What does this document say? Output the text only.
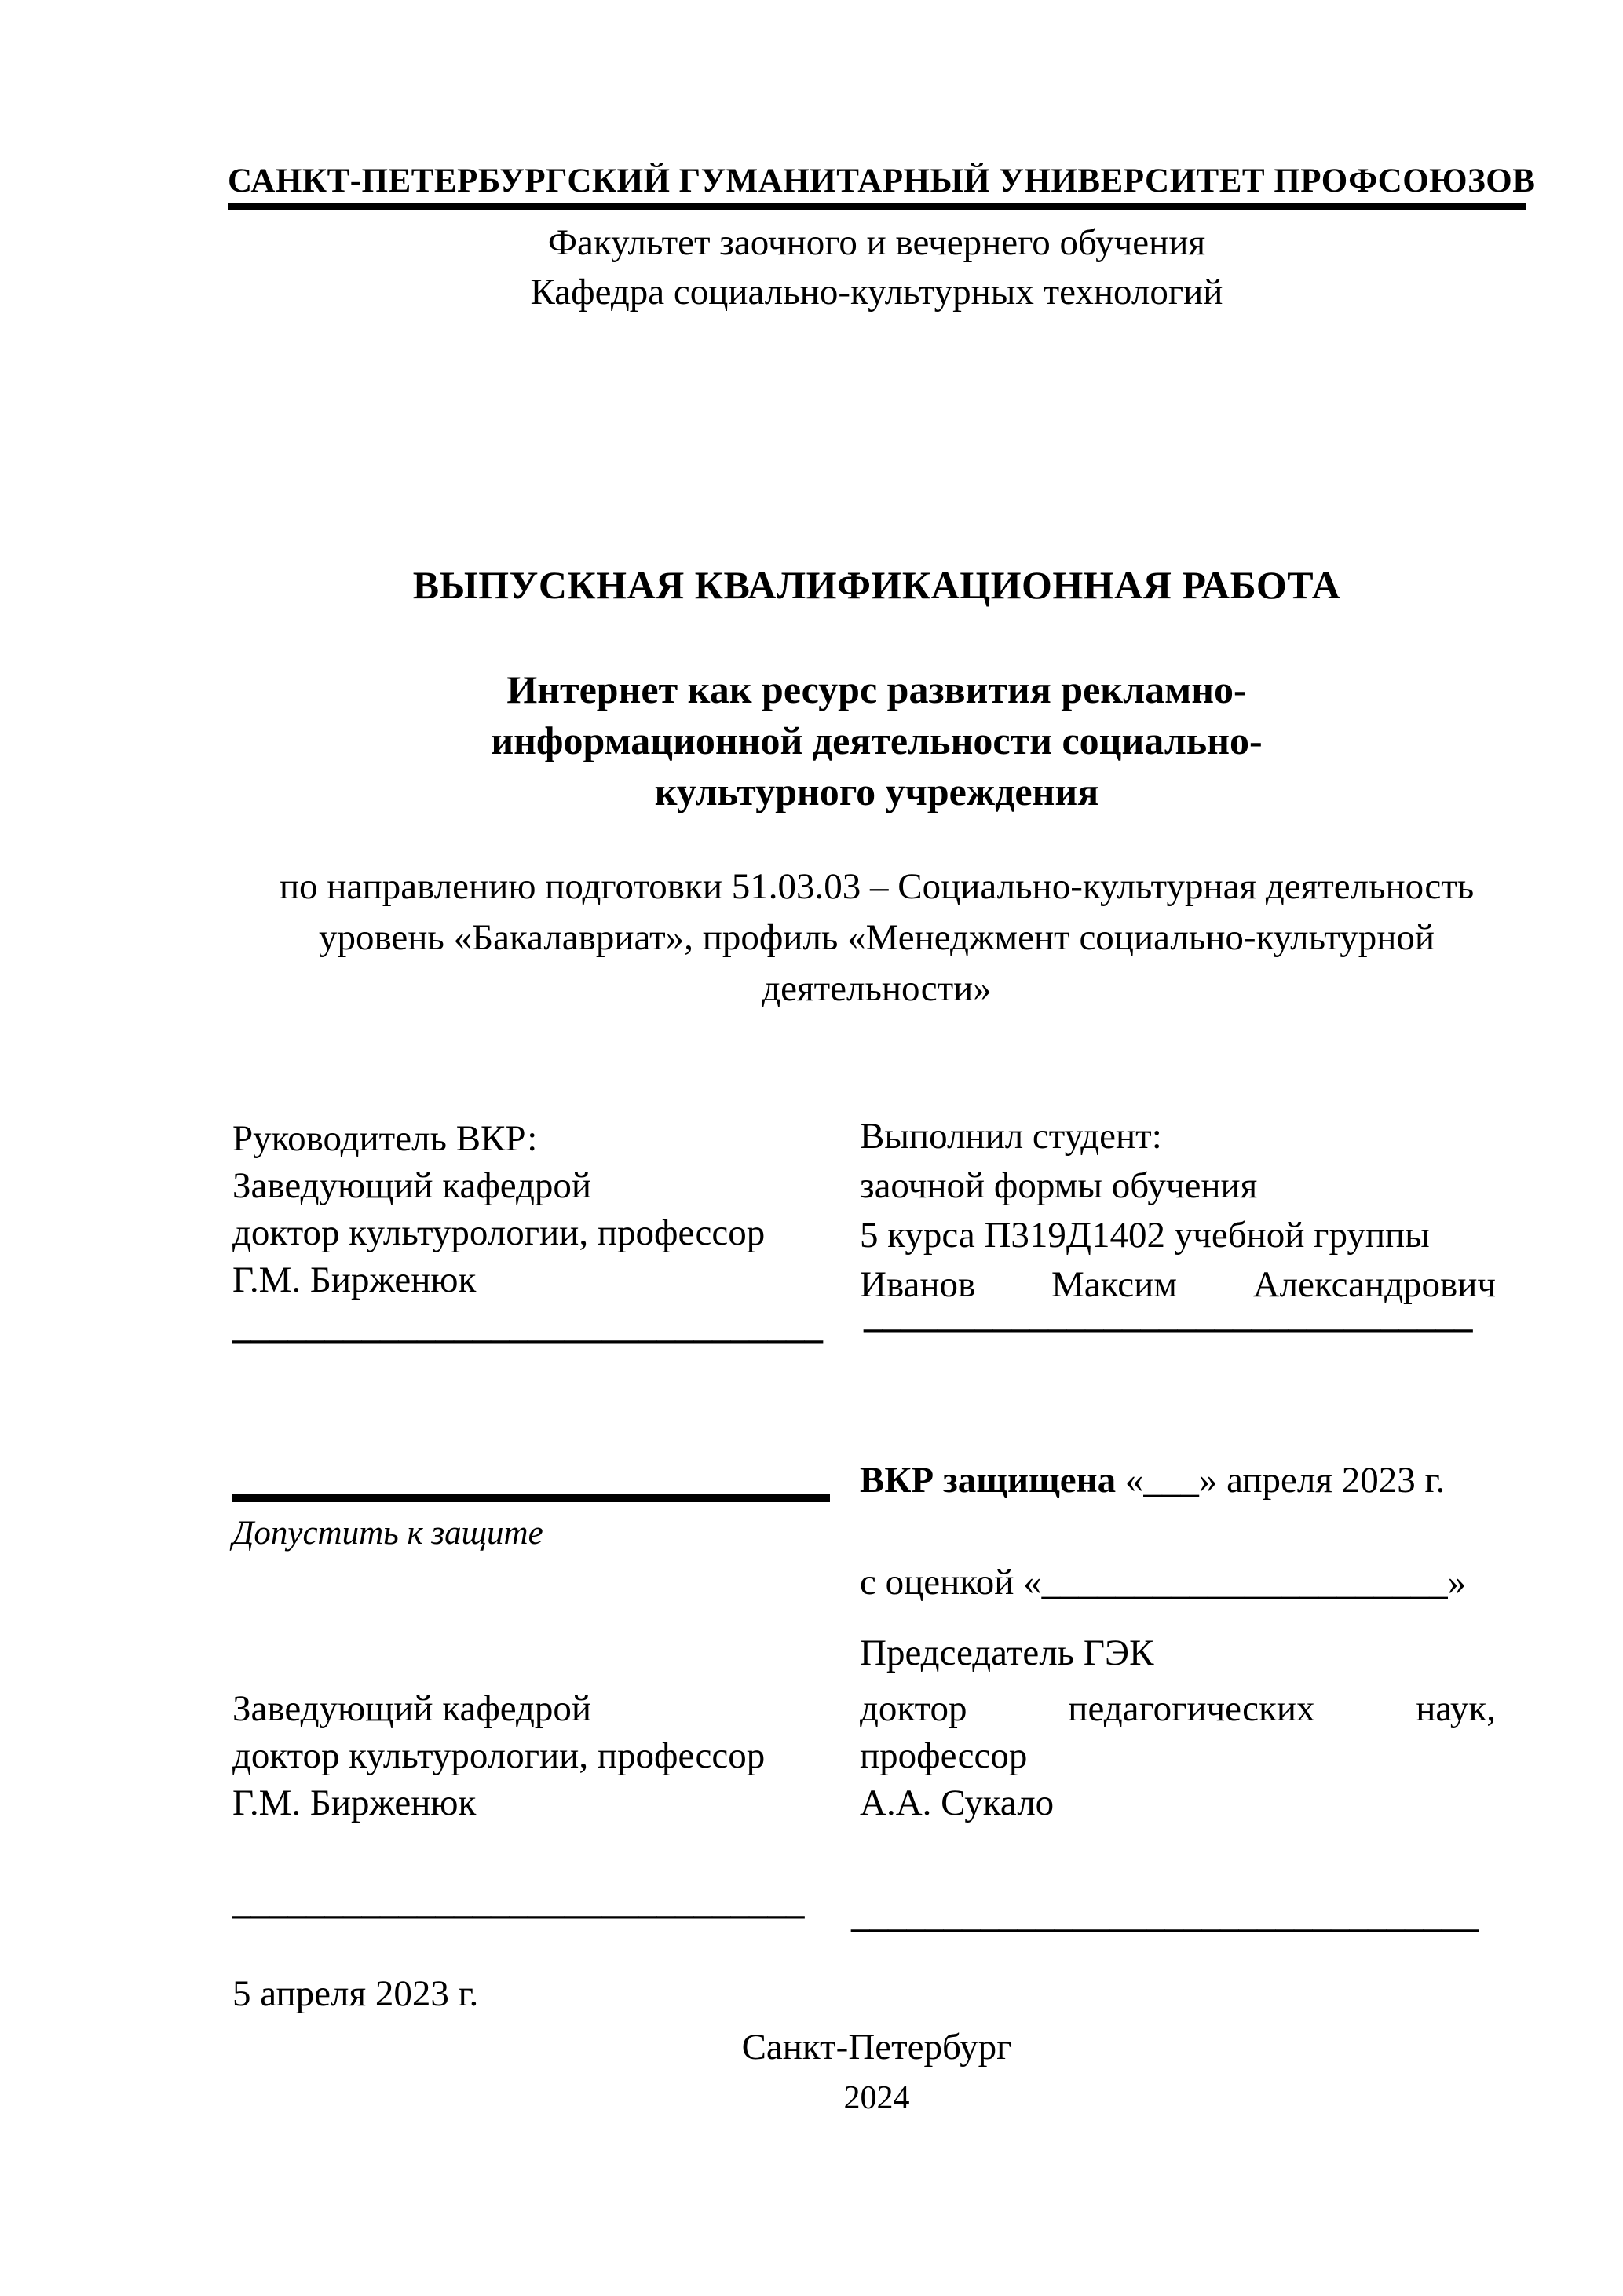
САНКТ-ПЕТЕРБУРГСКИЙ ГУМАНИТАРНЫЙ УНИВЕРСИТЕТ ПРОФСОЮЗОВ
Факультет заочного и вечернего обучения
Кафедра социально-культурных технологий
ВЫПУСКНАЯ КВАЛИФИКАЦИОННАЯ РАБОТА
Интернет как ресурс развития рекламно-
информационной деятельности социально-
культурного учреждения
по направлению подготовки 51.03.03 – Социально-культурная деятельность
уровень «Бакалавриат», профиль «Менеджмент социально-культурной
деятельности»
Руководитель ВКР:
Заведующий кафедрой
доктор культурологии, профессор
Г.М. Бирженюк
Выполнил студент:
заочной формы обучения
5 курса П319Д1402 учебной группы
Иванов Максим Александрович
________________________________ _________________________________
ВКР защищена «___» апреля 2023 г.
Допустить к защите
с оценкой «______________________»
Председатель ГЭК
Заведующий кафедрой
доктор культурологии, профессор
Г.М. Бирженюк
доктор	педагогических	наук,
профессор
А.А. Сукало
_______________________________ __________________________________
5 апреля 2023 г.
Санкт-Петербург
2024
